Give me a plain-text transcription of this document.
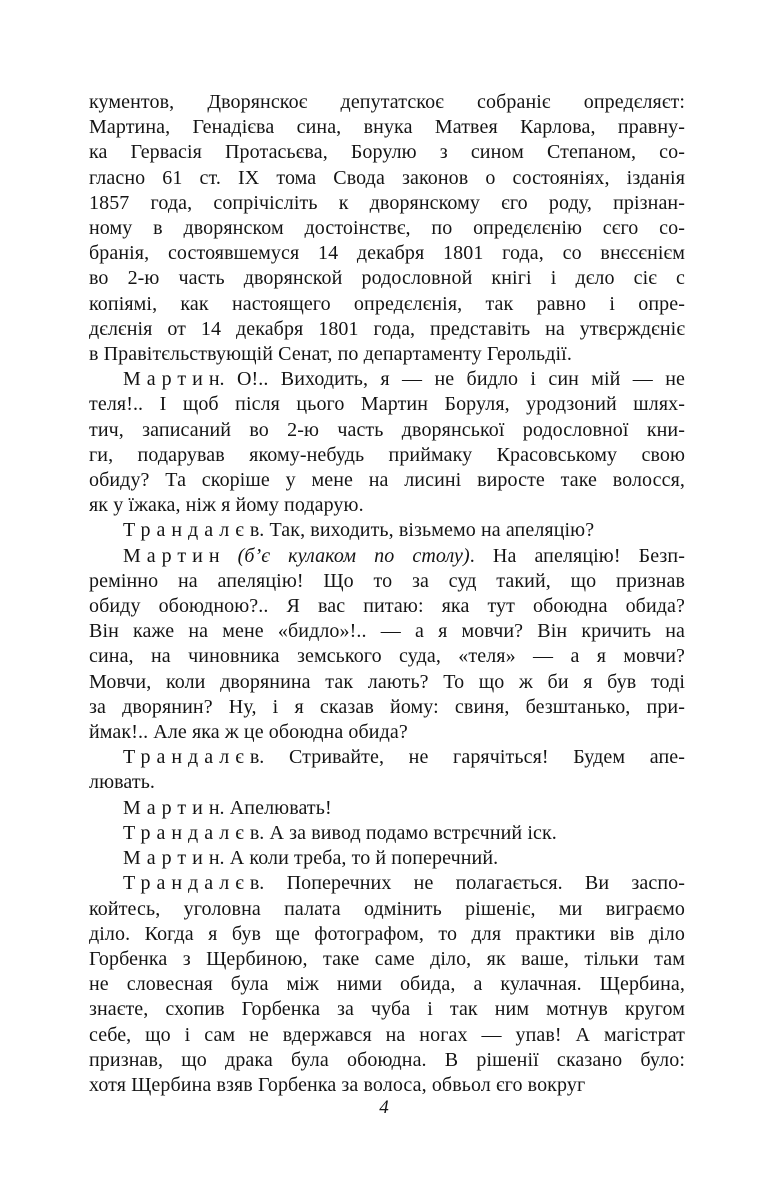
кументов, Дворянскоє депутатскоє собраніє опредєляєт:
Мартина, Генадієва сина, внука Матвея Карлова, правну-
ка Гервасія Протасьєва, Борулю з сином Степаном, со-
гласно 61 ст. IX тома Свода законов о состояніях, ізданія
1857 года, сопрічісліть к дворянскому єго роду, прізнан-
ному в дворянском достоінствє, по опредєлєнію сєго со-
бранія, состоявшемуся 14 декабря 1801 года, со внєсєнієм
во 2-ю часть дворянской родословной кнігі і дєло сіє с
копіямі, как настоящего опредєлєнія, так равно і опре-
дєлєнія от 14 декабря 1801 года, представіть на утвєрждєніє
в Правітєльствующій Сенат, по департаменту Герольдії.
Мартин. О!.. Виходить, я — не бидло і син мій — не
теля!.. І щоб після цього Мартин Боруля, уродзоний шлях-
тич, записаний во 2-ю часть дворянської родословної кни-
ги, подарував якому-небудь приймаку Красовському свою
обиду? Та скоріше у мене на лисині виросте таке волосся,
як у їжака, ніж я йому подарую.
Трандалєв. Так, виходить, візьмемо на апеляцію?
Мартин (б’є кулаком по столу). На апеляцію! Безп-
ремінно на апеляцію! Що то за суд такий, що признав
обиду обоюдною?.. Я вас питаю: яка тут обоюдна обида?
Він каже на мене «бидло»!.. — а я мовчи? Він кричить на
сина, на чиновника земського суда, «теля» — а я мовчи?
Мовчи, коли дворянина так лають? То що ж би я був тоді
за дворянин? Ну, і я сказав йому: свиня, безштанько, при-
ймак!.. Але яка ж це обоюдна обида?
Трандалєв. Стривайте, не гарячіться! Будем апе-
лювать.
Мартин. Апелювать!
Трандалєв. А за вивод подамо встрєчний іск.
Мартин. А коли треба, то й поперечний.
Трандалєв. Поперечних не полагається. Ви заспо-
койтесь, уголовна палата одмінить рішеніє, ми виграємо
діло. Когда я був ще фотографом, то для практики вів діло
Горбенка з Щербиною, таке саме діло, як ваше, тільки там
не словесная була між ними обида, а кулачная. Щербина,
знаєте, схопив Горбенка за чуба і так ним мотнув кругом
себе, що і сам не вдержався на ногах — упав! А магістрат
признав, що драка була обоюдна. В рішенії сказано було:
хотя Щербина взяв Горбенка за волоса, обвьол єго вокруг
4
